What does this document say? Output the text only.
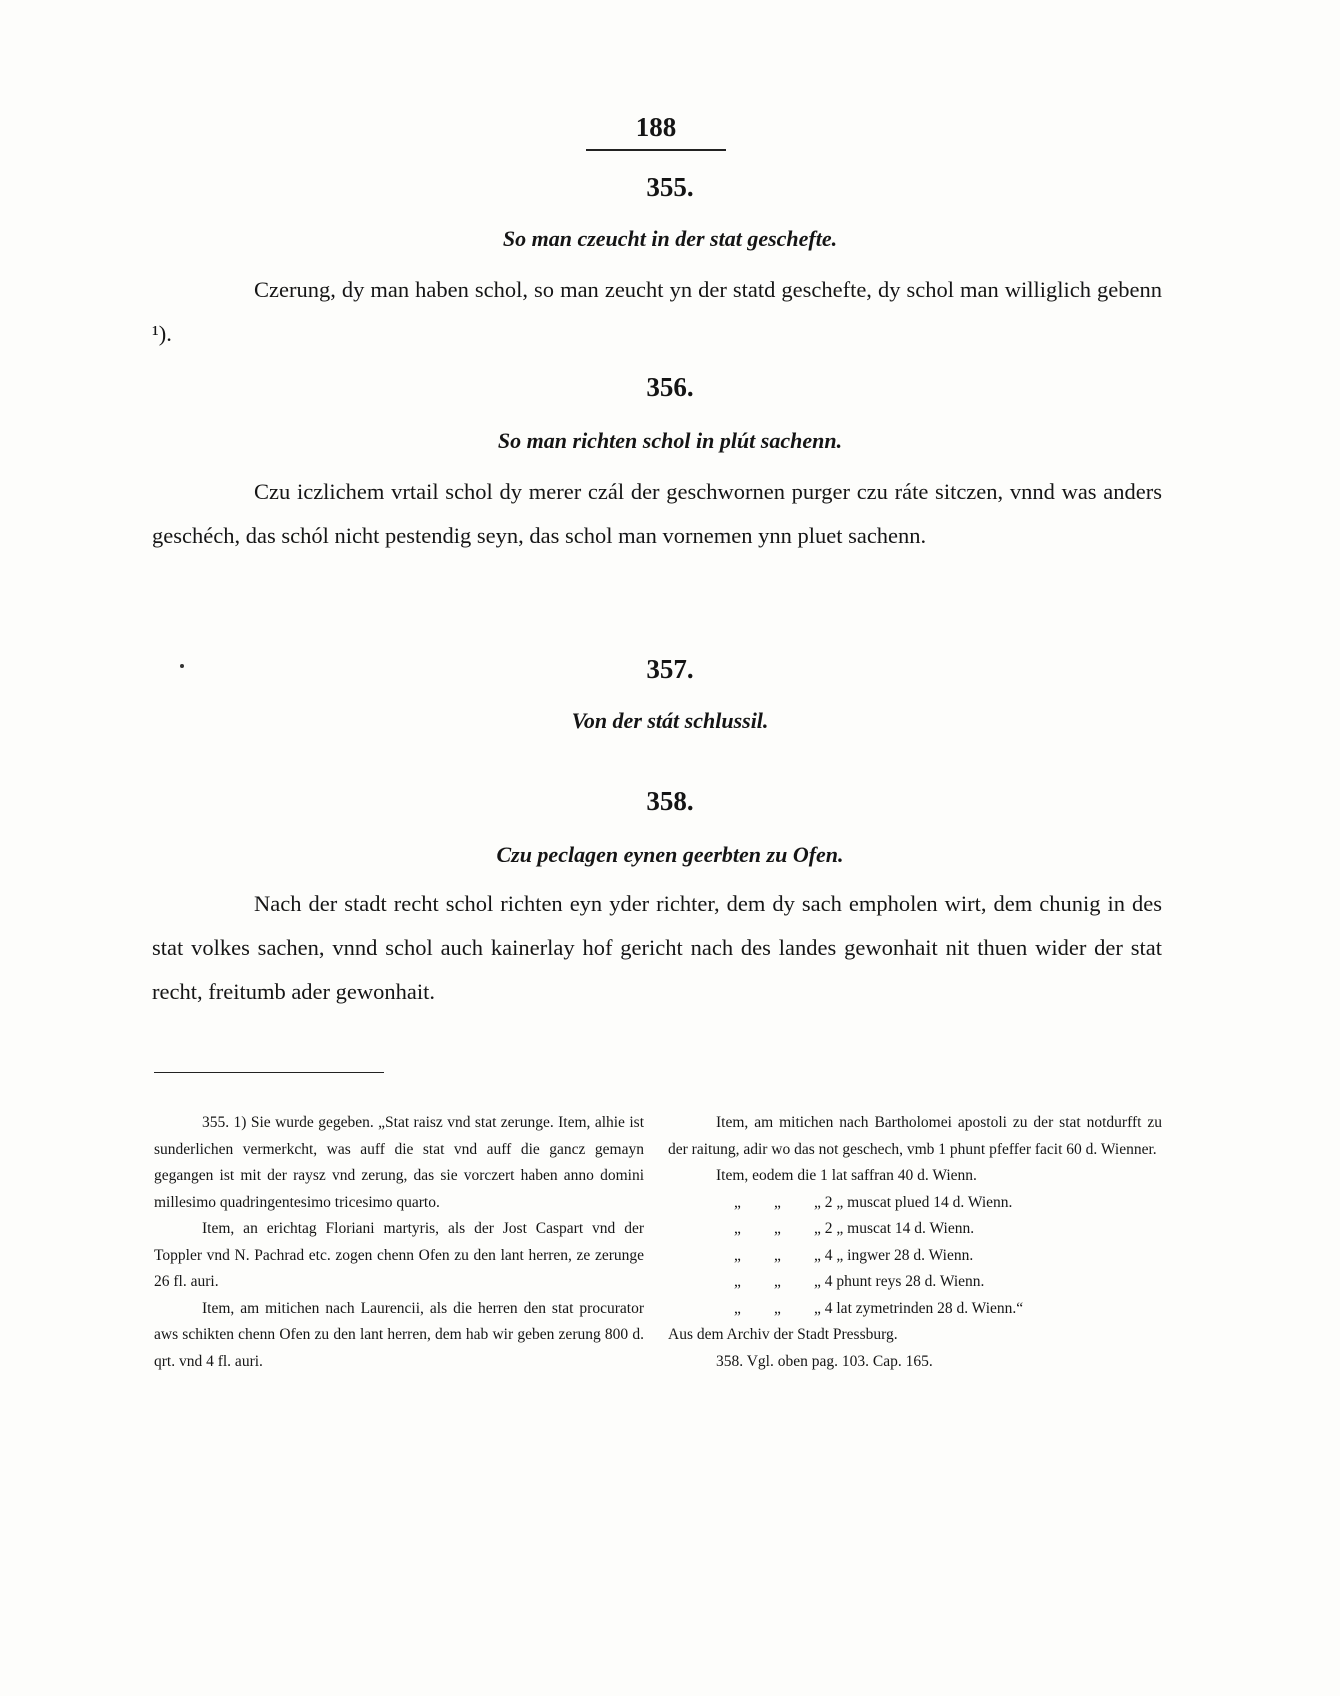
188
355.
So man czeucht in der stat geschefte.
Czerung, dy man haben schol, so man zeucht yn der statd geschefte, dy schol man williglich gebenn ¹).
356.
So man richten schol in plút sachenn.
Czu iczlichem vrtail schol dy merer czál der geschwornen purger czu ráte sitczen, vnnd was anders geschéch, das schól nicht pestendig seyn, das schol man vornemen ynn pluet sachenn.
357.
Von der stát schlussil.
358.
Czu peclagen eynen geerbten zu Ofen.
Nach der stadt recht schol richten eyn yder richter, dem dy sach empholen wirt, dem chunig in des stat volkes sachen, vnnd schol auch kainerlay hof gericht nach des landes gewonhait nit thuen wider der stat recht, freitumb ader gewonhait.

355. 1) Sie wurde gegeben. „Stat raisz vnd stat zerunge. Item, alhie ist sunderlichen vermerkcht, was auff die stat vnd auff die gancz gemayn gegangen ist mit der raysz vnd zerung, das sie vorczert haben anno domini millesimo quadringentesimo tricesimo quarto.

Item, an erichtag Floriani martyris, als der Jost Caspart vnd der Toppler vnd N. Pachrad etc. zogen chenn Ofen zu den lant herren, ze zerunge 26 fl. auri.

Item, am mitichen nach Laurencii, als die herren den stat procurator aws schikten chenn Ofen zu den lant herren, dem hab wir geben zerung 800 d. qrt. vnd 4 fl. auri.

Item, am mitichen nach Bartholomei apostoli zu der stat notdurfft zu der raitung, adir wo das not geschech, vmb 1 phunt pfeffer facit 60 d. Wienner.

Item, eodem die 1 lat saffran 40 d. Wienn.

„	„	„ 2 „ muscat plued 14 d. Wienn.
„	„	„ 2 „ muscat 14 d. Wienn.
„	„	„ 4 „ ingwer 28 d. Wienn.
„	„	„ 4 phunt reys 28 d. Wienn.
„	„	„ 4 lat zymetrinden 28 d. Wienn.“

Aus dem Archiv der Stadt Pressburg.

358. Vgl. oben pag. 103. Cap. 165.
